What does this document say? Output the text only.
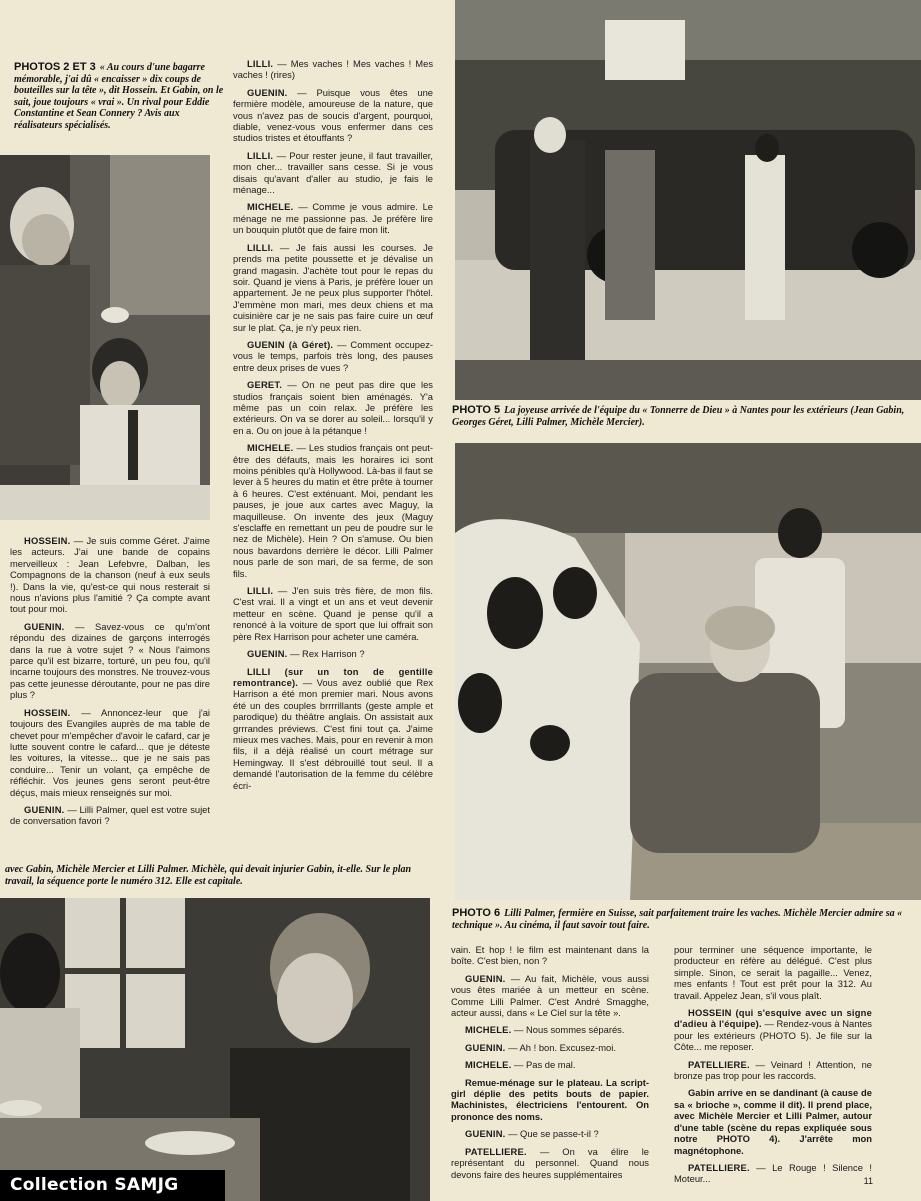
PHOTOS 2 ET 3 « Au cours d'une bagarre mémorable, j'ai dû « encaisser » dix coups de bouteilles sur la tête », dit Hossein. Et Gabin, on le sait, joue toujours « vrai ». Un rival pour Eddie Constantine et Sean Connery ? Avis aux réalisateurs spécialisés.

HOSSEIN. — Je suis comme Géret. J'aime les acteurs. J'ai une bande de copains merveilleux : Jean Lefebvre, Dalban, les Compagnons de la chanson (neuf à eux seuls !). Dans la vie, qu'est-ce qui nous resterait si nous n'avions plus l'amitié ? Ça compte avant tout pour moi.

GUENIN. — Savez-vous ce qu'm'ont répondu des dizaines de garçons interrogés dans la rue à votre sujet ? « Nous l'aimons parce qu'il est bizarre, torturé, un peu fou, qu'il incarne toujours des monstres. Ne trouvez-vous pas cette jeunesse déroutante, pour ne pas dire plus ?

HOSSEIN. — Annoncez-leur que j'ai toujours des Evangiles auprès de ma table de chevet pour m'empêcher d'avoir le cafard, car je lutte souvent contre le cafard... que je déteste les voitures, la vitesse... que je ne sais pas conduire... Tenir un volant, ça empêche de réfléchir. Vos jeunes gens seront peut-être déçus, mais mieux renseignés sur moi.

GUENIN. — Lilli Palmer, quel est votre sujet de conversation favori ?

LILLI. — Mes vaches ! Mes vaches ! Mes vaches ! (rires)

GUENIN. — Puisque vous êtes une fermière modèle, amoureuse de la nature, que vous n'avez pas de soucis d'argent, pourquoi, diable, venez-vous vous enfermer dans ces studios tristes et étouffants ?

LILLI. — Pour rester jeune, il faut travailler, mon cher... travailler sans cesse. Si je vous disais qu'avant d'aller au studio, je fais le ménage...

MICHELE. — Comme je vous admire. Le ménage ne me passionne pas. Je préfère lire un bouquin plutôt que de faire mon lit.

LILLI. — Je fais aussi les courses. Je prends ma petite poussette et je dévalise un grand magasin. J'achète tout pour le repas du soir. Quand je viens à Paris, je préfère louer un appartement. Je ne peux plus supporter l'hôtel. J'emmène mon mari, mes deux chiens et ma cuisinière car je ne sais pas faire cuire un œuf sur le plat. Ça, je n'y peux rien.

GUENIN (à Géret). — Comment occupez-vous le temps, parfois très long, des pauses entre deux prises de vues ?

GERET. — On ne peut pas dire que les studios français soient bien aménagés. Y'a même pas un coin relax. Je préfère les extérieurs. On va se dorer au soleil... lorsqu'il y en a. Ou on joue à la pétanque !

MICHELE. — Les studios français ont peut-être des défauts, mais les horaires ici sont moins pénibles qu'à Hollywood. Là-bas il faut se lever à 5 heures du matin et être prête à tourner à 6 heures. C'est exténuant. Moi, pendant les pauses, je joue aux cartes avec Maguy, la maquilleuse. On invente des jeux (Maguy s'esclaffe en remettant un peu de poudre sur le nez de Michèle). Hein ? On s'amuse. Ou bien nous bavardons derrière le décor. Lilli Palmer nous parle de son mari, de sa ferme, de son fils.

LILLI. — J'en suis très fière, de mon fils. C'est vrai. Il a vingt et un ans et veut devenir metteur en scène. Quand je pense qu'il a renoncé à la voiture de sport que lui offrait son père Rex Harrison pour acheter une caméra.

GUENIN. — Rex Harrison ?

LILLI (sur un ton de gentille remontrance). — Vous avez oublié que Rex Harrison a été mon premier mari. Nous avons été un des couples brrrrillants (geste ample et parodique) du théâtre anglais. On assistait aux grrrandes préviews. C'est fini tout ça. J'aime mieux mes vaches. Mais, pour en revenir à mon fils, il a déjà réalisé un court métrage sur Hemingway. Il s'est débrouillé tout seul. Il a demandé l'autorisation de la femme du célèbre écri-

PHOTO 5 La joyeuse arrivée de l'équipe du « Tonnerre de Dieu » à Nantes pour les extérieurs (Jean Gabin, Georges Géret, Lilli Palmer, Michèle Mercier).
PHOTO 6 Lilli Palmer, fermière en Suisse, sait parfaitement traire les vaches. Michèle Mercier admire sa « technique ». Au cinéma, il faut savoir tout faire.
avec Gabin, Michèle Mercier et Lilli Palmer. Michèle, qui devait injurier Gabin, it-elle. Sur le plan travail, la séquence porte le numéro 312. Elle est capitale.

vain. Et hop ! le film est maintenant dans la boîte. C'est bien, non ?

GUENIN. — Au fait, Michèle, vous aussi vous êtes mariée à un metteur en scène. Comme Lilli Palmer. C'est André Smagghe, acteur aussi, dans « Le Ciel sur la tête ».

MICHELE. — Nous sommes séparés.

GUENIN. — Ah ! bon. Excusez-moi.

MICHELE. — Pas de mal.

Remue-ménage sur le plateau. La script-girl déplie des petits bouts de papier. Machinistes, électriciens l'entourent. On prononce des noms.

GUENIN. — Que se passe-t-il ?

PATELLIERE. — On va élire le représentant du personnel. Quand nous devons faire des heures supplémentaires

pour terminer une séquence importante, le producteur en réfère au délégué. C'est plus simple. Sinon, ce serait la pagaille... Venez, mes enfants ! Tout est prêt pour la 312. Au travail. Appelez Jean, s'il vous plaît.

HOSSEIN (qui s'esquive avec un signe d'adieu à l'équipe). — Rendez-vous à Nantes pour les extérieurs (PHOTO 5). Je file sur la Côte... me reposer.

PATELLIERE. — Veinard ! Attention, ne bronze pas trop pour les raccords.

Gabin arrive en se dandinant (à cause de sa « brioche », comme il dit). Il prend place, avec Michèle Mercier et Lilli Palmer, autour d'une table (scène du repas expliquée sous notre PHOTO 4). J'arrête mon magnétophone.

PATELLIERE. — Le Rouge ! Silence ! Moteur...	11
Collection SAMJG
